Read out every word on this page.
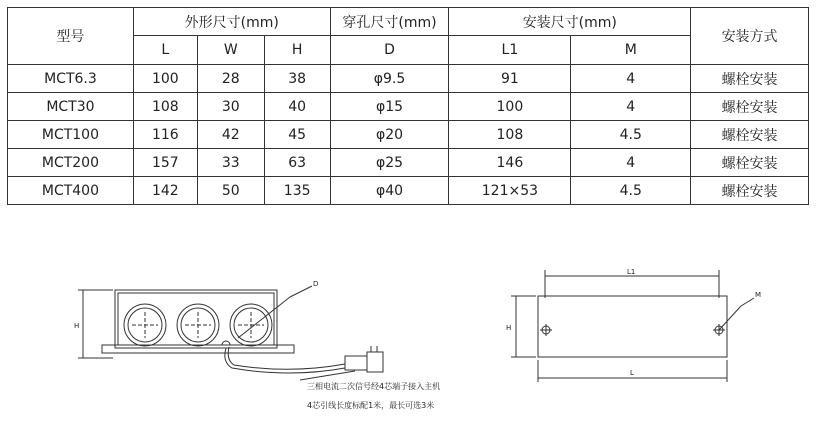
型号	外形尺寸(mm)			穿孔尺寸(mm)	安装尺寸(mm)		安装方式
	L	W	H	D	L1	M	
MCT6.3	100	28	38	φ9.5	91	4	螺栓安装
MCT30	108	30	40	φ15	100	4	螺栓安装
MCT100	116	42	45	φ20	108	4.5	螺栓安装
MCT200	157	33	63	φ25	146	4	螺栓安装
MCT400	142	50	135	φ40	121×53	4.5	螺栓安装
H
D
三相电流二次信号经4芯端子接入主机
4芯引线长度标配1米，最长可选3米
L1
L
H
M
